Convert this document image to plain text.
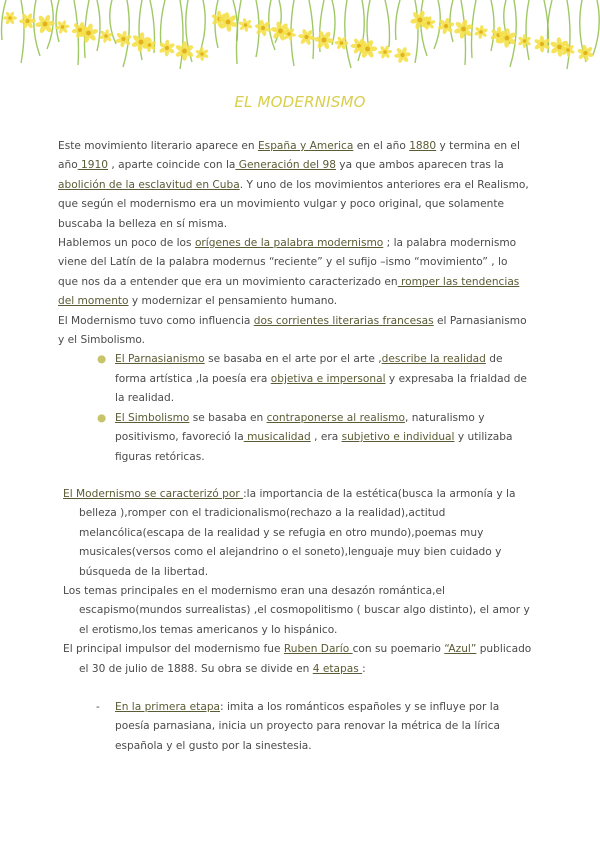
EL MODERNISMO

Este movimiento literario aparece en España y America en el año 1880 y termina en el año 1910 , aparte coincide con la Generación del 98 ya que ambos aparecen tras la abolición de la esclavitud en Cuba. Y uno de los movimientos anteriores era el Realismo, que según el modernismo era un movimiento vulgar y poco original, que solamente buscaba la belleza en sí misma.

Hablemos un poco de los orígenes de la palabra modernismo ; la palabra modernismo viene del Latín de la palabra modernus “reciente” y el sufijo –ismo “movimiento” , lo que nos da a entender que era un movimiento caracterizado en romper las tendencias del momento y modernizar el pensamiento humano.

El Modernismo tuvo como influencia dos corrientes literarias francesas el Parnasianismo y el Simbolismo.

● El Parnasianismo se basaba en el arte por el arte ,describe la realidad de forma artística ,la poesía era objetiva e impersonal y expresaba la frialdad de la realidad.
● El Simbolismo se basaba en contraponerse al realismo, naturalismo y positivismo, favoreció la musicalidad , era subjetivo e individual y utilizaba figuras retóricas.

El Modernismo se caracterizó por :la importancia de la estética(busca la armonía y la belleza ),romper con el tradicionalismo(rechazo a la realidad),actitud melancólica(escapa de la realidad y se refugia en otro mundo),poemas muy musicales(versos como el alejandrino o el soneto),lenguaje muy bien cuidado y búsqueda de la libertad.

Los temas principales en el modernismo eran una desazón romántica,el escapismo(mundos surrealistas) ,el cosmopolitismo ( buscar algo distinto), el amor y el erotismo,los temas americanos y lo hispánico.

El principal impulsor del modernismo fue Ruben Darío con su poemario “Azul” publicado el 30 de julio de 1888. Su obra se divide en 4 etapas :

- En la primera etapa: imita a los románticos españoles y se influye por la poesía parnasiana, inicia un proyecto para renovar la métrica de la lírica española y el gusto por la sinestesia.
